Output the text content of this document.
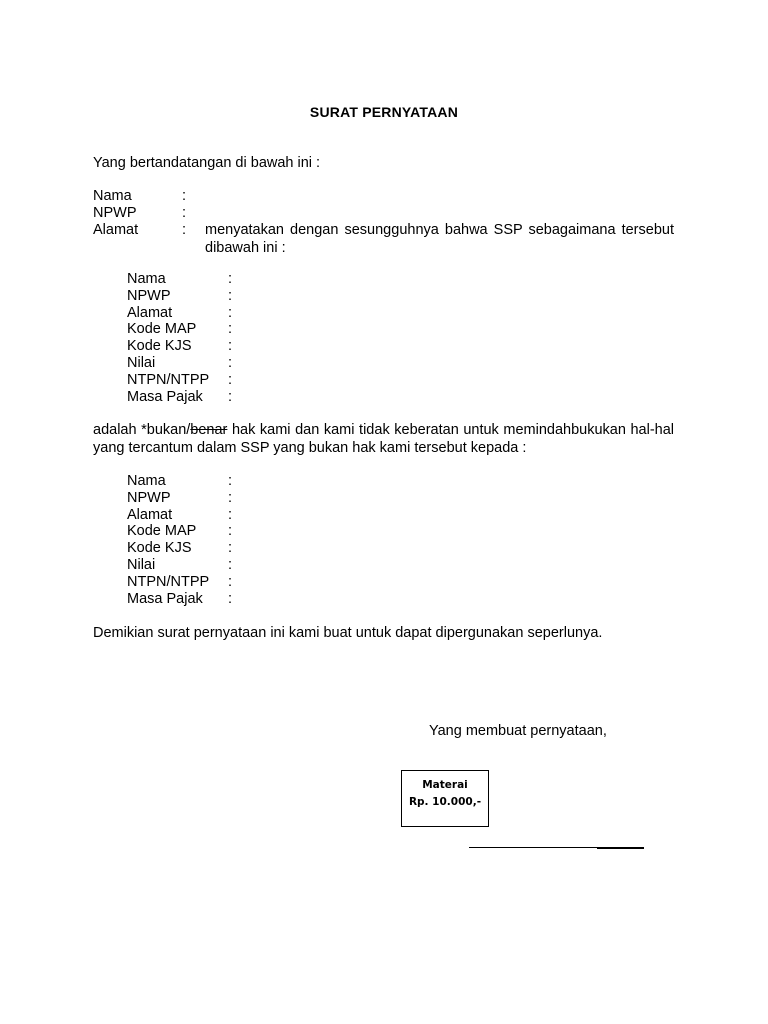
SURAT PERNYATAAN
Yang bertandatangan di bawah ini :
Nama	:
NPWP	:
Alamat	: menyatakan dengan sesungguhnya bahwa SSP sebagaimana tersebut dibawah ini :
Nama	:
NPWP	:
Alamat	:
Kode MAP	:
Kode KJS	:
Nilai	:
NTPN/NTPP	:
Masa Pajak	:
adalah *bukan/benar hak kami dan kami tidak keberatan untuk memindahbukukan hal-hal yang tercantum dalam SSP yang bukan hak kami tersebut kepada :
Nama	:
NPWP	:
Alamat	:
Kode MAP	:
Kode KJS	:
Nilai	:
NTPN/NTPP	:
Masa Pajak	:
Demikian surat pernyataan ini kami buat untuk dapat dipergunakan seperlunya.
Yang membuat pernyataan,
Materai
Rp. 10.000,-
